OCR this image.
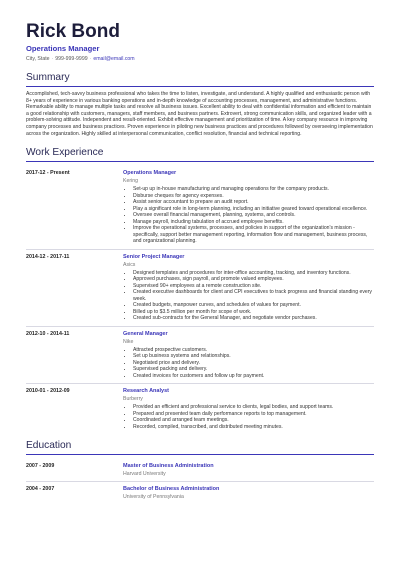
Rick Bond
Operations Manager
City, State · 999-999-9999 · email@email.com
Summary
Accomplished, tech-savvy business professional who takes the time to listen, investigate, and understand. A highly qualified and enthusiastic person with 8+ years of experience in various banking operations and in-depth knowledge of accounting processes, management, and administrative functions. Remarkable ability to manage multiple tasks and resolve all business issues. Excellent ability to deal with confidential information and efficient to maintain a good relationship with customers, managers, staff members, and business partners. Extrovert, strong communication skills, and organized leader with a problem-solving attitude. Independent and result-oriented. Exhibit effective management and prioritization of time. A key company resource in improving company processes and business practices. Proven experience in piloting new business practices and procedures followed by overseeing implementation across the organization. Highly skilled at interpersonal communication, conflict resolution, financial and technical reporting.
Work Experience
2017-12 - Present	Operations Manager
Kering
• Set-up up in-house manufacturing and managing operations for the company products.
• Disburse cheques for agency expenses.
• Assist senior accountant to prepare an audit report.
• Play a significant role in long-term planning, including an initiative geared toward operational excellence.
• Oversee overall financial management, planning, systems, and controls.
• Manage payroll, including tabulation of accrued employee benefits.
• Improve the operational systems, processes, and policies in support of the organization's mission - specifically, support better management reporting, information flow and management, business process, and organizational planning.
2014-12 - 2017-11	Senior Project Manager
Asics
• Designed templates and procedures for inter-office accounting, tracking, and inventory functions.
• Approved purchases, sign payroll, and promote valued employees.
• Supervised 90+ employees at a remote construction site.
• Created executive dashboards for client and CPI executives to track progress and financial standing every week.
• Created budgets, manpower curves, and schedules of values for payment.
• Billed up to $3.5 million per month for scope of work.
• Created sub-contracts for the General Manager, and negotiate vendor purchases.
2012-10 - 2014-11	General Manager
Nike
• Attracted prospective customers.
• Set up business systems and relationships.
• Negotiated price and delivery.
• Supervised packing and delivery.
• Created invoices for customers and follow up for payment.
2010-01 - 2012-09	Research Analyst
Burberry
• Provided an efficient and professional service to clients, legal bodies, and support teams.
• Prepared and presented team daily performance reports to top management.
• Coordinated and arranged team meetings.
• Recorded, compiled, transcribed, and distributed meeting minutes.
Education
2007 - 2009	Master of Business Administration
Harvard University
2004 - 2007	Bachelor of Business Administration
University of Pennsylvania
